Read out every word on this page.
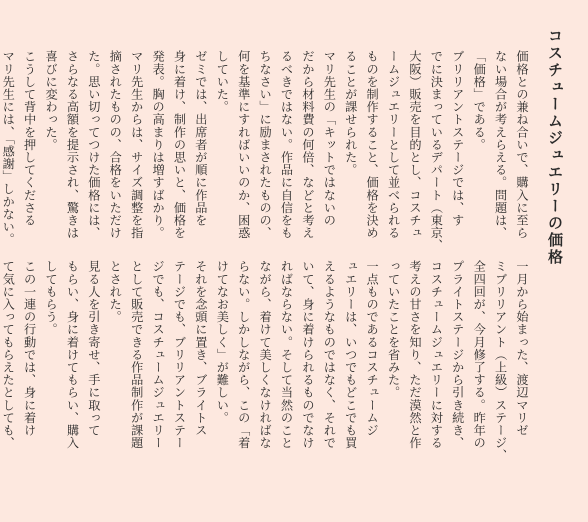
コスチュームジュエリーの価格
価格との兼ね合いで、購入に至ら
ない場合が考えらえる。問題は、
「価格」である。
ブリリアントステージでは、す
でに決まっているデパート（東京、
大阪）販売を目的とし、コスチュ
ームジュエリーとして並べられる
ものを制作すること、価格を決め
ることが課せられた。
マリ先生の「キットではないの
だから材料費の何倍、などと考え
るべきではない。作品に自信をも
ちなさい」に励まされたものの、
何を基準にすればいいのか、困惑
していた。
ゼミでは、出席者が順に作品を
身に着け、制作の思いと、価格を
発表。胸の高まりは増すばかり。
マリ先生からは、サイズ調整を指
摘されたものの、合格をいただけ
た。思い切ってつけた価格には、
さらなる高額を提示され、驚きは
喜びに変わった。
こうして背中を押してくださる
マリ先生には、「感謝」しかない。
一月から始まった、渡辺マリゼ
ミブリリアント（上級）ステージ、
全四回が、今月修了する。昨年の
プライトステージから引き続き、
コスチュームジュエリーに対する
考えの甘さを知り、ただ漠然と作
っていたことを省みた。
一点ものであるコスチュームジ
ュエリーは、いつでもどこでも買
えるようなものではなく、それで
いて、身に着けられるものでなけ
ればならない。そして当然のこと
ながら、着けて美しくなければな
らない。しかしながら、この「着
けてなお美しく」が難しい。
それを念頭に置き、ブライトス
テージでも、ブリリアントステー
ジでも、コスチュームジュエリー
として販売できる作品制作が課題
とされた。
見る人を引き寄せ、手に取って
もらい、身に着けてもらい、購入
してもらう。
この一連の行動では、身に着け
て気に入ってもらえたとしても、
